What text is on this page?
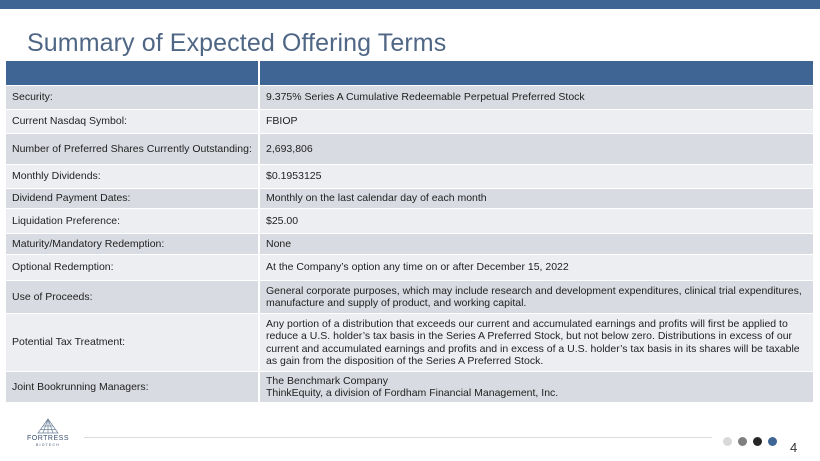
Summary of Expected Offering Terms

Security:	9.375% Series A Cumulative Redeemable Perpetual Preferred Stock
Current Nasdaq Symbol:	FBIOP
Number of Preferred Shares Currently Outstanding:	2,693,806
Monthly Dividends:	$0.1953125
Dividend Payment Dates:	Monthly on the last calendar day of each month
Liquidation Preference:	$25.00
Maturity/Mandatory Redemption:	None
Optional Redemption:	At the Company’s option any time on or after December 15, 2022
Use of Proceeds:	General corporate purposes, which may include research and development expenditures, clinical trial expenditures, manufacture and supply of product, and working capital.
Potential Tax Treatment:	Any portion of a distribution that exceeds our current and accumulated earnings and profits will first be applied to reduce a U.S. holder’s tax basis in the Series A Preferred Stock, but not below zero. Distributions in excess of our current and accumulated earnings and profits and in excess of a U.S. holder’s tax basis in its shares will be taxable as gain from the disposition of the Series A Preferred Stock.
Joint Bookrunning Managers:	The Benchmark Company
ThinkEquity, a division of Fordham Financial Management, Inc.
FORTRESS
BIOTECH	4
